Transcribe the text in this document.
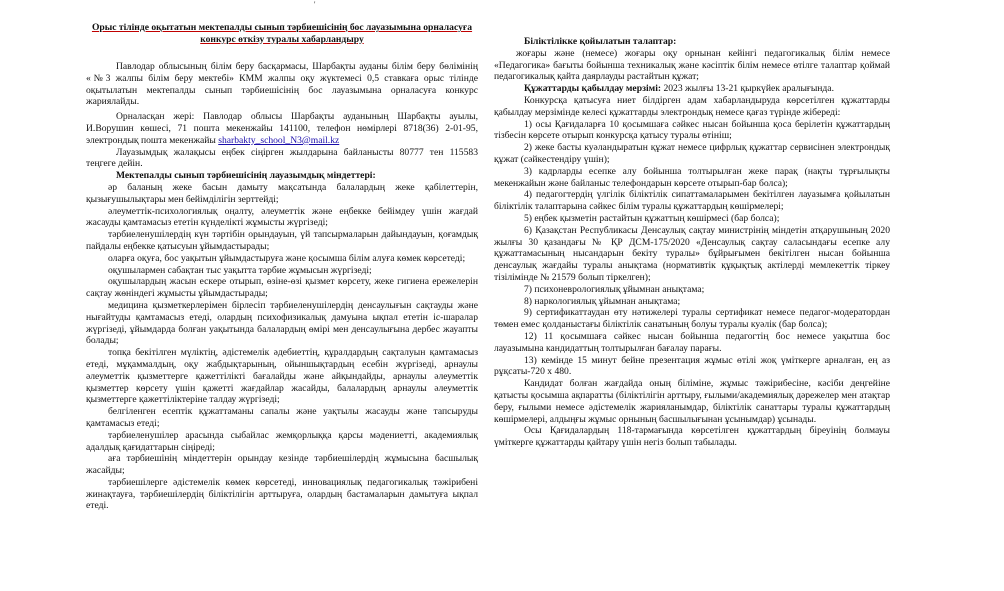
'

Орыс тілінде оқытатын мектепалды сынып тәрбиешісінің бос лауазымына орналасуға конкурс өткізу туралы хабарландыру

Павлодар облысының білім беру басқармасы, Шарбақты ауданы білім беру бөлімінің «№3 жалпы білім беру мектебі» КММ жалпы оқу жүктемесі 0,5 ставкаға орыс тілінде оқытылатын мектепалды сынып тәрбиешісінің бос лауазымына орналасуға конкурс жариялайды.

Орналасқан жері: Павлодар облысы Шарбақты ауданының Шарбақты ауылы, И.Ворушин көшесі, 71 пошта мекенжайы 141100, телефон нөмірлері 8718(36) 2-01-95, электрондық пошта мекенжайы sharbakty_school_N3@mail.kz

Лауазымдық жалақысы еңбек сіңірген жылдарына байланысты 80777 тен 115583 теңгеге дейін.

Мектепалды сынып тәрбиешісінің лауазымдық міндеттері:

әр баланың жеке басын дамыту мақсатында балалардың жеке қабілеттерін, қызығушылықтары мен бейімділігін зерттейді;

әлеуметтік-психологиялық оңалту, әлеуметтік және еңбекке бейімдеу үшін жағдай жасауды қамтамасыз ететін күнделікті жұмысты жүргізеді;

тәрбиеленушілердің күн тәртібін орындауын, үй тапсырмаларын дайындауын, қоғамдық пайдалы еңбекке қатысуын ұйымдастырады;

оларға оқуға, бос уақытын ұйымдастыруға және қосымша білім алуға көмек көрсетеді;

оқушылармен сабақтан тыс уақытта тәрбие жұмысын жүргізеді;

оқушылардың жасын ескере отырып, өзіне-өзі қызмет көрсету, жеке гигиена ережелерін сақтау жөніндегі жұмысты ұйымдастырады;

медицина қызметкерлерімен бірлесіп тәрбиеленушілердің денсаулығын сақтауды және нығайтуды қамтамасыз етеді, олардың психофизикалық дамуына ықпал ететін іс-шаралар жүргізеді, ұйымдарда болған уақытында балалардың өмірі мен денсаулығына дербес жауапты болады;

топқа бекітілген мүліктің, әдістемелік әдебиеттің, құралдардың сақталуын қамтамасыз етеді, мұқаммалдың, оқу жабдықтарының, ойыншықтардың есебін жүргізеді, арнаулы әлеуметтік қызметтерге қажеттілікті бағалайды және айқындайды, арнаулы әлеуметтік қызметтер көрсету үшін қажетті жағдайлар жасайды, балалардың арнаулы әлеуметтік қызметтерге қажеттіліктеріне талдау жүргізеді;

белгіленген есептік құжаттаманы сапалы және уақтылы жасауды және тапсыруды қамтамасыз етеді;

тәрбиеленушілер арасында сыбайлас жемқорлыққа қарсы мәдениетті, академиялық адалдық қағидаттарын сіңіреді;

аға тәрбиешінің міндеттерін орындау кезінде тәрбиешілердің жұмысына басшылық жасайды;

тәрбиешілерге әдістемелік көмек көрсетеді, инновациялық педагогикалық тәжірибені жинақтауға, тәрбиешілердің біліктілігін арттыруға, олардың бастамаларын дамытуға ықпал етеді.

Біліктілікке қойылатын талаптар:

жоғары және (немесе) жоғары оқу орнынан кейінгі педагогикалық білім немесе «Педагогика» бағыты бойынша техникалық және кәсіптік білім немесе өтілге талаптар қоймай педагогикалық қайта даярлауды растайтын құжат;

Құжаттарды қабылдау мерзімі: 2023 жылғы 13-21 қыркүйек аралығында.

Конкурсқа қатысуға ниет білдірген адам хабарландыруда көрсетілген құжаттарды қабылдау мерзімінде келесі құжаттарды электрондық немесе қағаз түрінде жібереді:

1) осы Қағидаларға 10 қосымшаға сәйкес нысан бойынша қоса берілетін құжаттардың тізбесін көрсете отырып конкурсқа қатысу туралы өтініш;

2) жеке басты куәландыратын құжат немесе цифрлық құжаттар сервисінен электрондық құжат (сәйкестендіру үшін);

3) кадрларды есепке алу бойынша толтырылған жеке парақ (нақты тұрғылықты мекенжайын және байланыс телефондарын көрсете отырып-бар болса);

4) педагогтердің үлгілік біліктілік сипаттамаларымен бекітілген лауазымға қойылатын біліктілік талаптарына сәйкес білім туралы құжаттардың көшірмелері;

5) еңбек қызметін растайтын құжаттың көшірмесі (бар болса);

6) Қазақстан Республикасы Денсаулық сақтау министрінің міндетін атқарушының 2020 жылғы 30 қазандағы № ҚР ДСМ-175/2020 «Денсаулық сақтау саласындағы есепке алу құжаттамасының нысандарын бекіту туралы» бұйрығымен бекітілген нысан бойынша денсаулық жағдайы туралы анықтама (нормативтік құқықтық актілерді мемлекеттік тіркеу тізілімінде № 21579 болып тіркелген);

7) психоневрологиялық ұйымнан анықтама;

8) наркологиялық ұйымнан анықтама;

9) сертификаттаудан өту нәтижелері туралы сертификат немесе педагог-модератордан төмен емес қолданыстағы біліктілік санатының болуы туралы куәлік (бар болса);

12) 11 қосымшаға сәйкес нысан бойынша педагогтің бос немесе уақытша бос лауазымына кандидаттың толтырылған бағалау парағы.

13) кемінде 15 минут бейне презентация жұмыс өтілі жоқ үміткерге арналған, ең аз рұқсаты-720 х 480.

Кандидат болған жағдайда оның біліміне, жұмыс тәжірибесіне, кәсіби деңгейіне қатысты қосымша ақпаратты (біліктілігін арттыру, ғылыми/академиялық дәрежелер мен атақтар беру, ғылыми немесе әдістемелік жарияланымдар, біліктілік санаттары туралы құжаттардың көшірмелері, алдыңғы жұмыс орнының басшылығынан ұсынымдар) ұсынады.

Осы Қағидалардың 118-тармағында көрсетілген құжаттардың біреуінің болмауы үміткерге құжаттарды қайтару үшін негіз болып табылады.
